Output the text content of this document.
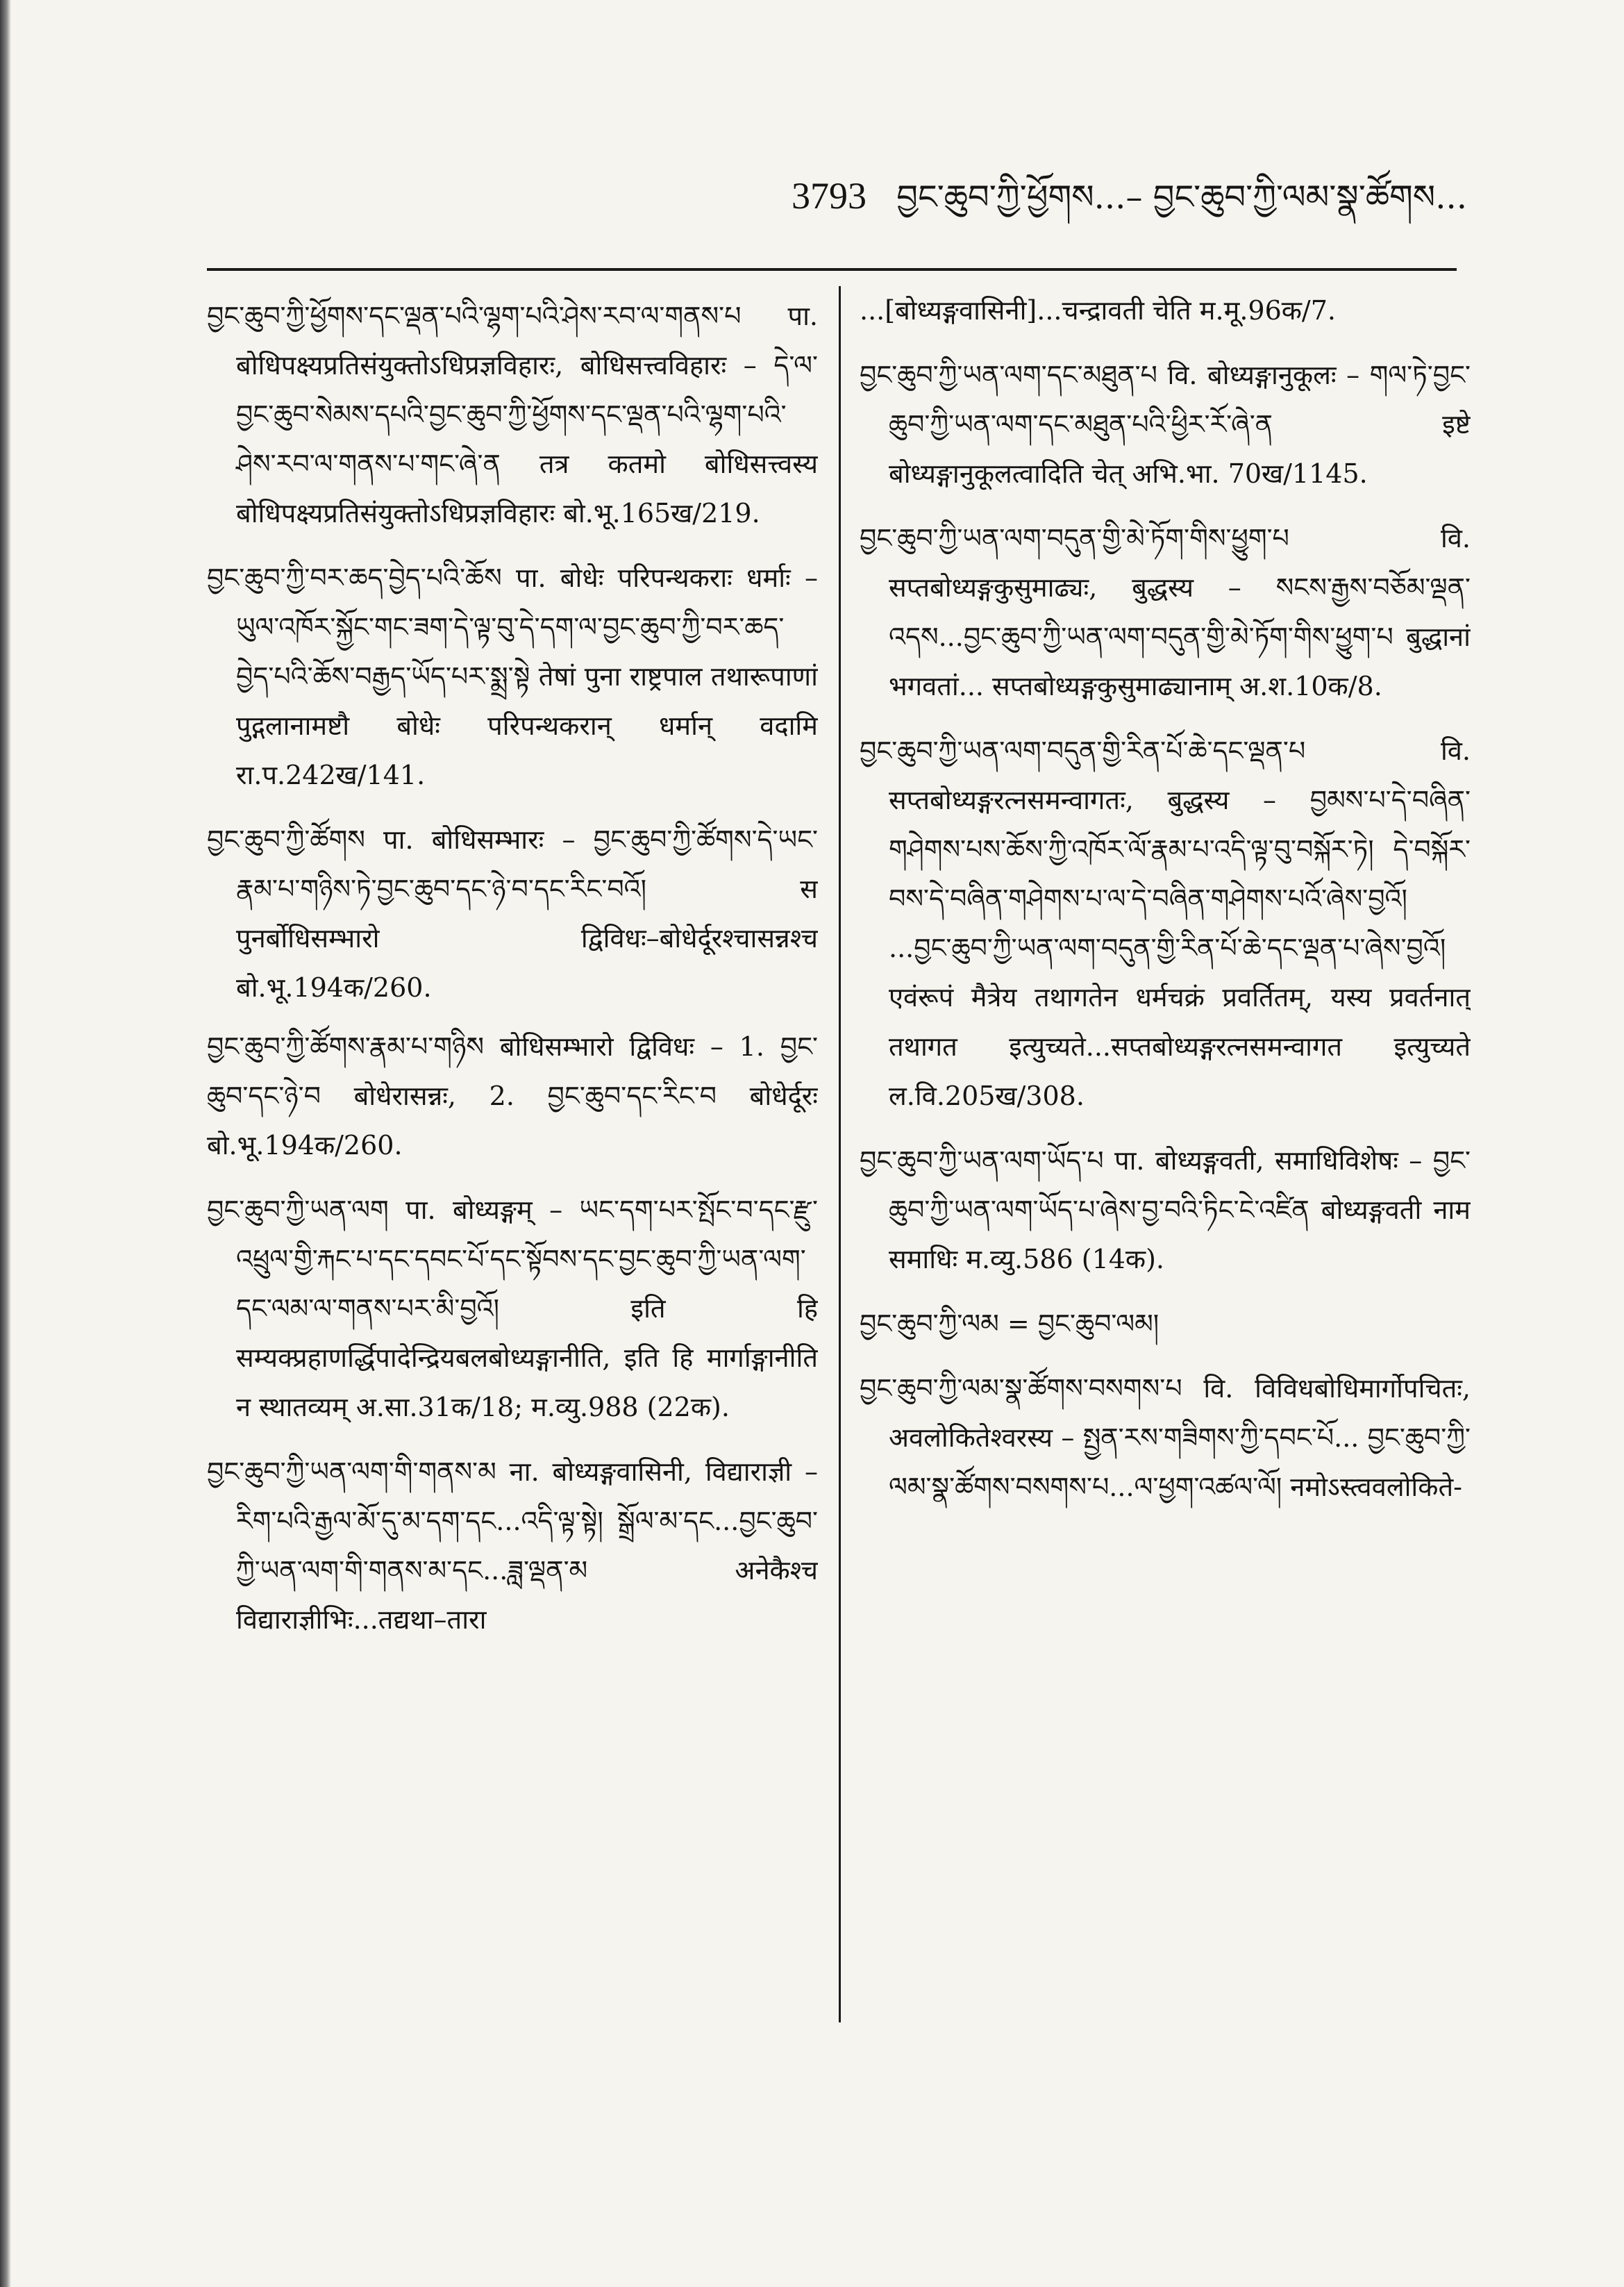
3793 བྱང་ཆུབ་ཀྱི་ཕྱོགས...– བྱང་ཆུབ་ཀྱི་ལམ་སྣ་ཚོགས...

བྱང་ཆུབ་ཀྱི་ཕྱོགས་དང་ལྡན་པའི་ལྷག་པའི་ཤེས་རབ་ལ་གནས་པ पा. बोधिपक्ष्यप्रतिसंयुक्तोऽधिप्रज्ञविहारः, बोधिसत्त्वविहारः – དེ་ལ་བྱང་ཆུབ་སེམས་དཔའི་བྱང་ཆུབ་ཀྱི་ཕྱོགས་དང་ལྡན་པའི་ལྷག་པའི་ཤེས་རབ་ལ་གནས་པ་གང་ཞེ་ན तत्र कतमो बोधिसत्त्वस्य बोधिपक्ष्यप्रतिसंयुक्तोऽधिप्रज्ञविहारः बो.भू.165ख/219.

བྱང་ཆུབ་ཀྱི་བར་ཆད་བྱེད་པའི་ཆོས पा. बोधेः परिपन्थकराः धर्माः – ཡུལ་འཁོར་སྐྱོང་གང་ཟག་དེ་ལྟ་བུ་དེ་དག་ལ་བྱང་ཆུབ་ཀྱི་བར་ཆད་བྱེད་པའི་ཆོས་བརྒྱད་ཡོད་པར་སྨྲ་སྟེ तेषां पुना राष्ट्रपाल तथारूपाणां पुद्गलानामष्टौ बोधेः परिपन्थकरान् धर्मान् वदामि रा.प.242ख/141.

བྱང་ཆུབ་ཀྱི་ཚོགས पा. बोधिसम्भारः – བྱང་ཆུབ་ཀྱི་ཚོགས་དེ་ཡང་རྣམ་པ་གཉིས་ཏེ་བྱང་ཆུབ་དང་ཉེ་བ་དང་རིང་བའོ། स पुनर्बोधिसम्भारो द्विविधः–बोधेर्दूरश्चासन्नश्च बो.भू.194क/260.

བྱང་ཆུབ་ཀྱི་ཚོགས་རྣམ་པ་གཉིས बोधिसम्भारो द्विविधः – 1. བྱང་ཆུབ་དང་ཉེ་བ बोधेरासन्नः, 2. བྱང་ཆུབ་དང་རིང་བ बोधेर्दूरः बो.भू.194क/260.

བྱང་ཆུབ་ཀྱི་ཡན་ལག पा. बोध्यङ्गम् – ཡང་དག་པར་སྤོང་བ་དང་རྫུ་འཕྲུལ་གྱི་རྐང་པ་དང་དབང་པོ་དང་སྟོབས་དང་བྱང་ཆུབ་ཀྱི་ཡན་ལག་དང་ལམ་ལ་གནས་པར་མི་བྱའོ། इति हि सम्यक्प्रहाणर्द्धिपादेन्द्रियबलबोध्यङ्गानीति, इति हि मार्गाङ्गानीति न स्थातव्यम् अ.सा.31क/18; म.व्यु.988 (22क).

བྱང་ཆུབ་ཀྱི་ཡན་ལག་གི་གནས་མ ना. बोध्यङ्गवासिनी, विद्याराज्ञी – རིག་པའི་རྒྱལ་མོ་དུ་མ་དག་དང...འདི་ལྟ་སྟེ། སྒྲོལ་མ་དང...བྱང་ཆུབ་ཀྱི་ཡན་ལག་གི་གནས་མ་དང...ཟླ་ལྡན་མ अनेकैश्च विद्याराज्ञीभिः...तद्यथा–तारा

...[बोध्यङ्गवासिनी]...चन्द्रावती चेति म.मू.96क/7.

བྱང་ཆུབ་ཀྱི་ཡན་ལག་དང་མཐུན་པ वि. बोध्यङ्गानुकूलः – གལ་ཏེ་བྱང་ཆུབ་ཀྱི་ཡན་ལག་དང་མཐུན་པའི་ཕྱིར་རོ་ཞེ་ན इष्टे बोध्यङ्गानुकूलत्वादिति चेत् अभि.भा. 70ख/1145.

བྱང་ཆུབ་ཀྱི་ཡན་ལག་བདུན་གྱི་མེ་ཏོག་གིས་ཕྱུག་པ वि. सप्तबोध्यङ्गकुसुमाढ्यः, बुद्धस्य – སངས་རྒྱས་བཅོམ་ལྡན་འདས...བྱང་ཆུབ་ཀྱི་ཡན་ལག་བདུན་གྱི་མེ་ཏོག་གིས་ཕྱུག་པ बुद्धानां भगवतां... सप्तबोध्यङ्गकुसुमाढ्यानाम् अ.श.10क/8.

བྱང་ཆུབ་ཀྱི་ཡན་ལག་བདུན་གྱི་རིན་པོ་ཆེ་དང་ལྡན་པ वि. सप्तबोध्यङ्गरत्नसमन्वागतः, बुद्धस्य – བྱམས་པ་དེ་བཞིན་གཤེགས་པས་ཆོས་ཀྱི་འཁོར་ལོ་རྣམ་པ་འདི་ལྟ་བུ་བསྐོར་ཏེ། དེ་བསྐོར་བས་དེ་བཞིན་གཤེགས་པ་ལ་དེ་བཞིན་གཤེགས་པའོ་ཞེས་བྱའོ། ...བྱང་ཆུབ་ཀྱི་ཡན་ལག་བདུན་གྱི་རིན་པོ་ཆེ་དང་ལྡན་པ་ཞེས་བྱའོ། एवंरूपं मैत्रेय तथागतेन धर्मचक्रं प्रवर्तितम्, यस्य प्रवर्तनात् तथागत इत्युच्यते...सप्तबोध्यङ्गरत्नसमन्वागत इत्युच्यते ल.वि.205ख/308.

བྱང་ཆུབ་ཀྱི་ཡན་ལག་ཡོད་པ पा. बोध्यङ्गवती, समाधिविशेषः – བྱང་ཆུབ་ཀྱི་ཡན་ལག་ཡོད་པ་ཞེས་བྱ་བའི་ཏིང་ངེ་འཛིན बोध्यङ्गवती नाम समाधिः म.व्यु.586 (14क).

བྱང་ཆུབ་ཀྱི་ལམ = བྱང་ཆུབ་ལམ།

བྱང་ཆུབ་ཀྱི་ལམ་སྣ་ཚོགས་བསགས་པ वि. विविधबोधिमार्गोपचितः, अवलोकितेश्वरस्य – སྤྱན་རས་གཟིགས་ཀྱི་དབང་པོ... བྱང་ཆུབ་ཀྱི་ལམ་སྣ་ཚོགས་བསགས་པ...ལ་ཕྱག་འཚལ་ལོ། नमोऽस्त्ववलोकिते-
